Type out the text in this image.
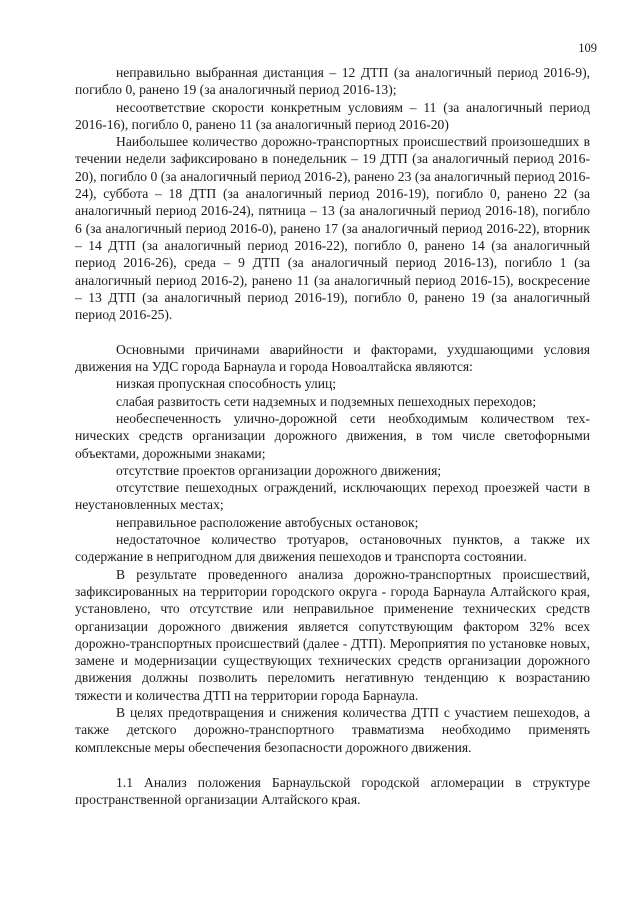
109

неправильно выбранная дистанция – 12 ДТП (за аналогичный период 2016-9), погибло 0, ранено 19 (за аналогичный период 2016-13);

несоответствие скорости конкретным условиям – 11 (за аналогичный период 2016-16), погибло 0, ранено 11 (за аналогичный период 2016-20)

Наибольшее количество дорожно-транспортных происшествий произошедших в течении недели зафиксировано в понедельник – 19 ДТП (за аналогичный период 2016-20), погибло 0 (за аналогичный период 2016-2), ранено 23 (за аналогичный период 2016-24), суббота – 18 ДТП (за аналогичный период 2016-19), погибло 0, ранено 22 (за аналогичный период 2016-24), пятница – 13 (за аналогичный период 2016-18), погибло 6 (за аналогичный период 2016-0), ранено 17 (за аналогичный период 2016-22), вторник – 14 ДТП (за аналогичный период 2016-22), погибло 0, ранено 14 (за аналогичный период 2016-26), среда – 9 ДТП (за аналогичный период 2016-13), погибло 1 (за аналогичный период 2016-2), ранено 11 (за аналогичный период 2016-15), воскресение – 13 ДТП (за аналогичный период 2016-19), погибло 0, ранено 19 (за аналогичный период 2016-25).

Основными причинами аварийности и факторами, ухудшающими условия движения на УДС города Барнаула и города Новоалтайска являются:

низкая пропускная способность улиц;

слабая развитость сети надземных и подземных пешеходных переходов;

необеспеченность улично-дорожной сети необходимым количеством технических средств организации дорожного движения, в том числе светофорными объектами, дорожными знаками;

отсутствие проектов организации дорожного движения;

отсутствие пешеходных ограждений, исключающих переход проезжей части в неустановленных местах;

неправильное расположение автобусных остановок;

недостаточное количество тротуаров, остановочных пунктов, а также их содержание в непригодном для движения пешеходов и транспорта состоянии.

В результате проведенного анализа дорожно-транспортных происшествий, зафиксированных на территории городского округа - города Барнаула Алтайского края, установлено, что отсутствие или неправильное применение технических средств организации дорожного движения является сопутствующим фактором 32% всех дорожно-транспортных происшествий (далее - ДТП). Мероприятия по установке новых, замене и модернизации существующих технических средств организации дорожного движения должны позволить переломить негативную тенденцию к возрастанию тяжести и количества ДТП на территории города Барнаула.

В целях предотвращения и снижения количества ДТП с участием пешеходов, а также детского дорожно-транспортного травматизма необходимо применять комплексные меры обеспечения безопасности дорожного движения.

1.1 Анализ положения Барнаульской городской агломерации в структуре пространственной организации Алтайского края.
